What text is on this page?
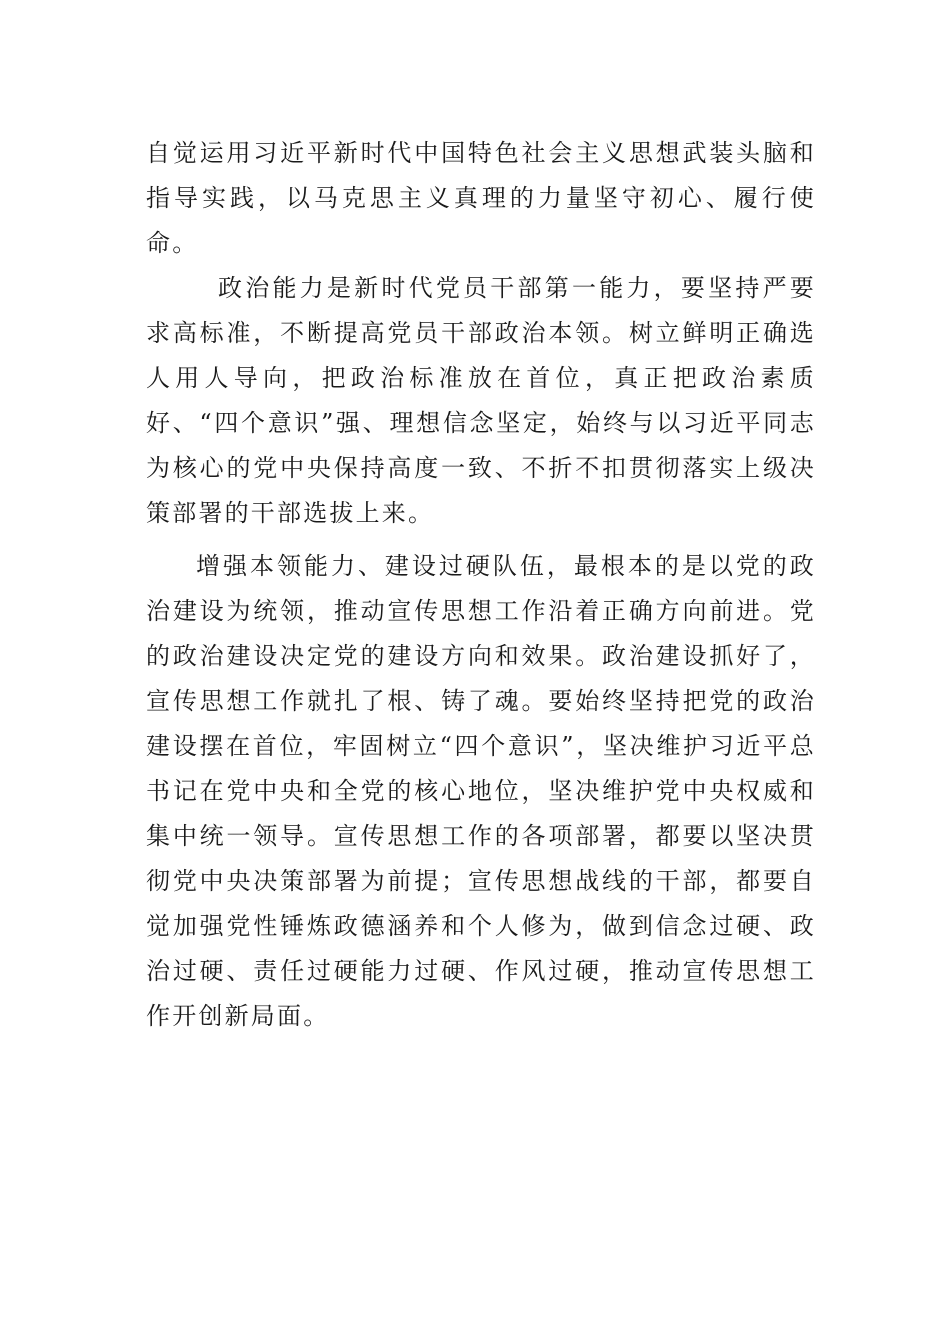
自觉运用习近平新时代中国特色社会主义思想武装头脑和指导实践，以马克思主义真理的力量坚守初心、履行使命。

政治能力是新时代党员干部第一能力，要坚持严要求高标准，不断提高党员干部政治本领。树立鲜明正确选人用人导向，把政治标准放在首位，真正把政治素质好、“四个意识”强、理想信念坚定，始终与以习近平同志为核心的党中央保持高度一致、不折不扣贯彻落实上级决策部署的干部选拔上来。

增强本领能力、建设过硬队伍，最根本的是以党的政治建设为统领，推动宣传思想工作沿着正确方向前进。党的政治建设决定党的建设方向和效果。政治建设抓好了，宣传思想工作就扎了根、铸了魂。要始终坚持把党的政治建设摆在首位，牢固树立“四个意识”，坚决维护习近平总书记在党中央和全党的核心地位，坚决维护党中央权威和集中统一领导。宣传思想工作的各项部署，都要以坚决贯彻党中央决策部署为前提；宣传思想战线的干部，都要自觉加强党性锤炼政德涵养和个人修为，做到信念过硬、政治过硬、责任过硬能力过硬、作风过硬，推动宣传思想工作开创新局面。
